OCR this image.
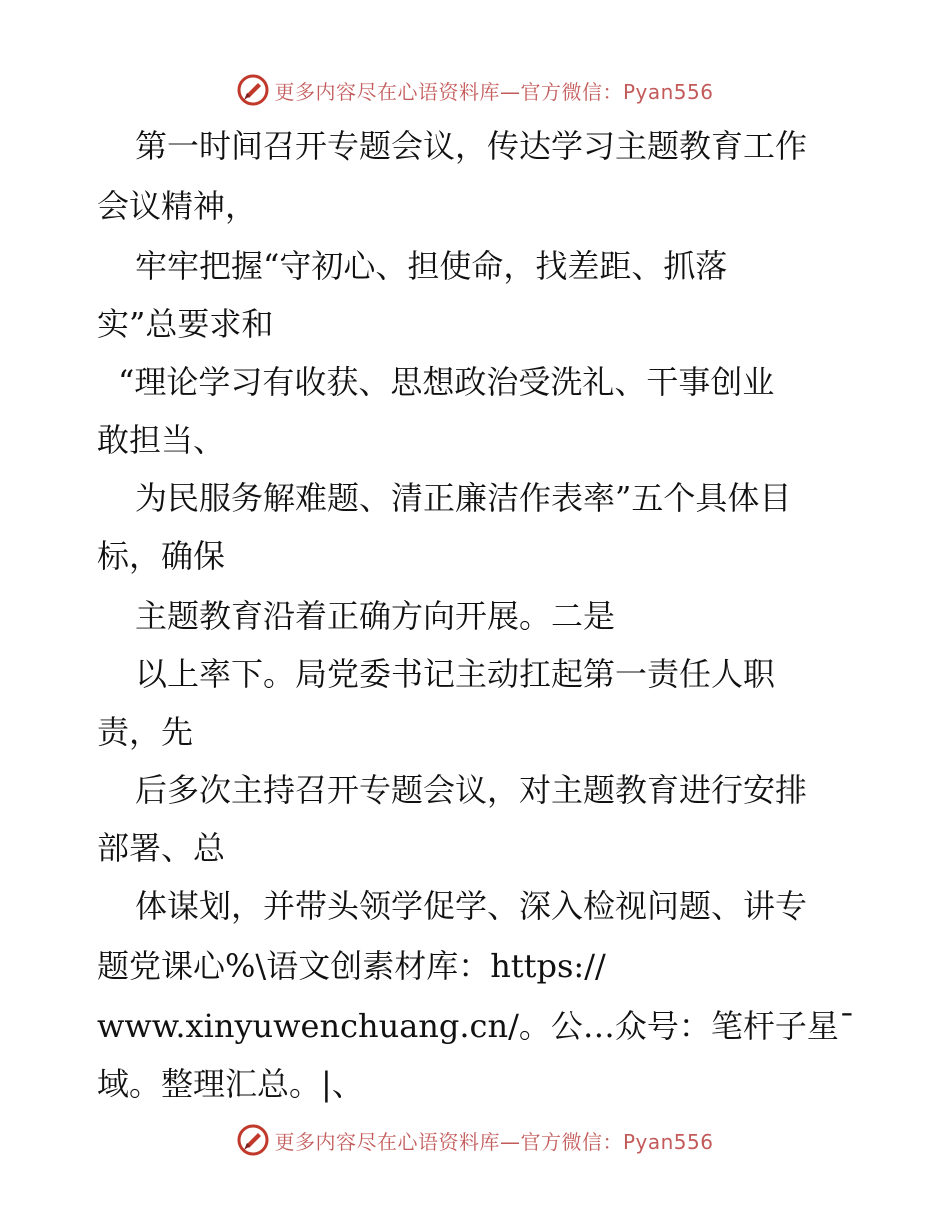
更多内容尽在心语资料库—官方微信：Pyan556
第一时间召开专题会议，传达学习主题教育工作
会议精神，
牢牢把握“守初心、担使命，找差距、抓落
实”总要求和
“理论学习有收获、思想政治受洗礼、干事创业
敢担当、
为民服务解难题、清正廉洁作表率”五个具体目
标，确保
主题教育沿着正确方向开展。二是
以上率下。局党委书记主动扛起第一责任人职
责，先
后多次主持召开专题会议，对主题教育进行安排
部署、总
体谋划，并带头领学促学、深入检视问题、讲专
题党课心%\语文创素材库：https://
www.xinyuwenchuang.cn/。公…众号：笔杆子星¯
域。整理汇总。|、
更多内容尽在心语资料库—官方微信：Pyan556
